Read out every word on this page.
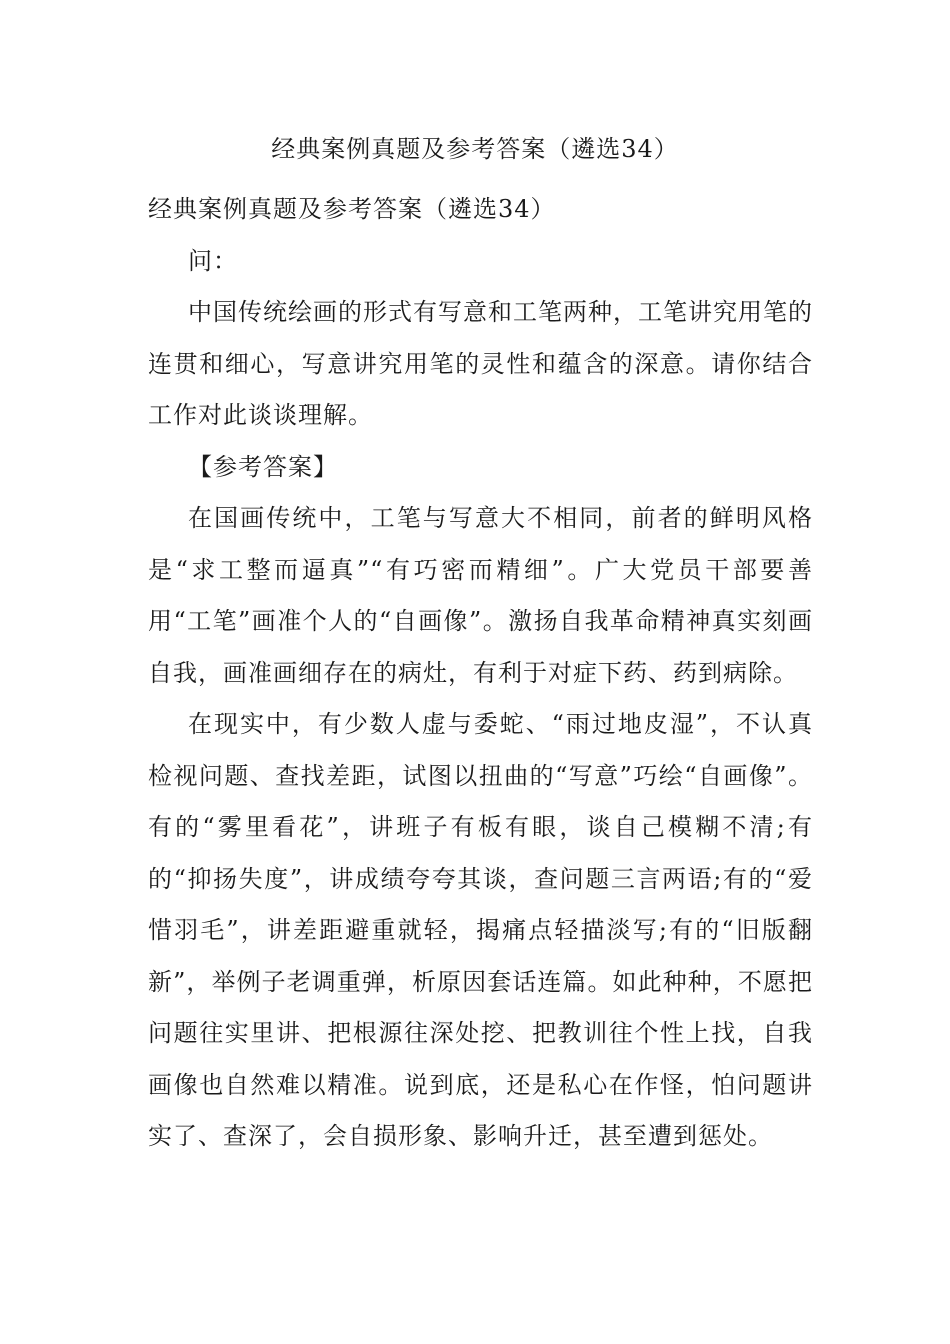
经典案例真题及参考答案（遴选34）

经典案例真题及参考答案（遴选34）

问：

中国传统绘画的形式有写意和工笔两种，工笔讲究用笔的连贯和细心，写意讲究用笔的灵性和蕴含的深意。请你结合工作对此谈谈理解。

【参考答案】

在国画传统中，工笔与写意大不相同，前者的鲜明风格是“求工整而逼真”“有巧密而精细”。广大党员干部要善用“工笔”画准个人的“自画像”。激扬自我革命精神真实刻画自我，画准画细存在的病灶，有利于对症下药、药到病除。

在现实中，有少数人虚与委蛇、“雨过地皮湿”，不认真检视问题、查找差距，试图以扭曲的“写意”巧绘“自画像”。有的“雾里看花”，讲班子有板有眼，谈自己模糊不清;有的“抑扬失度”，讲成绩夸夸其谈，查问题三言两语;有的“爱惜羽毛”，讲差距避重就轻，揭痛点轻描淡写;有的“旧版翻新”，举例子老调重弹，析原因套话连篇。如此种种，不愿把问题往实里讲、把根源往深处挖、把教训往个性上找，自我画像也自然难以精准。说到底，还是私心在作怪，怕问题讲实了、查深了，会自损形象、影响升迁，甚至遭到惩处。
